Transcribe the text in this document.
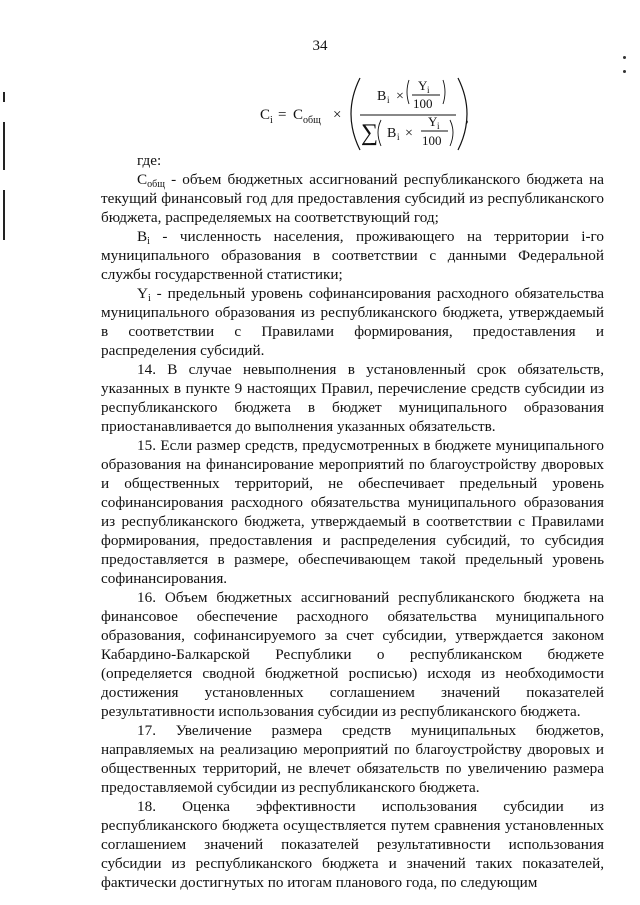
34
C i = C общ ×
B i ×
Y i
100
∑ B i ×
Y i
100
,

где:

$C_{общ}$ - объем бюджетных ассигнований республиканского бюджета на текущий финансовый год для предоставления субсидий из республиканского бюджета, распределяемых на соответствующий год;

$B_i$ - численность населения, проживающего на территории i-го муниципального образования в соответствии с данными Федеральной службы государственной статистики;

$Y_i$ - предельный уровень софинансирования расходного обязательства муниципального образования из республиканского бюджета, утверждаемый в соответствии с Правилами формирования, предоставления и распределения субсидий.

14. В случае невыполнения в установленный срок обязательств, указанных в пункте 9 настоящих Правил, перечисление средств субсидии из республиканского бюджета в бюджет муниципального образования приостанавливается до выполнения указанных обязательств.

15. Если размер средств, предусмотренных в бюджете муниципального образования на финансирование мероприятий по благоустройству дворовых и общественных территорий, не обеспечивает предельный уровень софинансирования расходного обязательства муниципального образования из республиканского бюджета, утверждаемый в соответствии с Правилами формирования, предоставления и распределения субсидий, то субсидия предоставляется в размере, обеспечивающем такой предельный уровень софинансирования.

16. Объем бюджетных ассигнований республиканского бюджета на финансовое обеспечение расходного обязательства муниципального образования, софинансируемого за счет субсидии, утверждается законом Кабардино-Балкарской Республики о республиканском бюджете (определяется сводной бюджетной росписью) исходя из необходимости достижения установленных соглашением значений показателей результативности использования субсидии из республиканского бюджета.

17. Увеличение размера средств муниципальных бюджетов, направляемых на реализацию мероприятий по благоустройству дворовых и общественных территорий, не влечет обязательств по увеличению размера предоставляемой субсидии из республиканского бюджета.

18. Оценка эффективности использования субсидии из республиканского бюджета осуществляется путем сравнения установленных соглашением значений показателей результативности использования субсидии из республиканского бюджета и значений таких показателей, фактически достигнутых по итогам планового года, по следующим
